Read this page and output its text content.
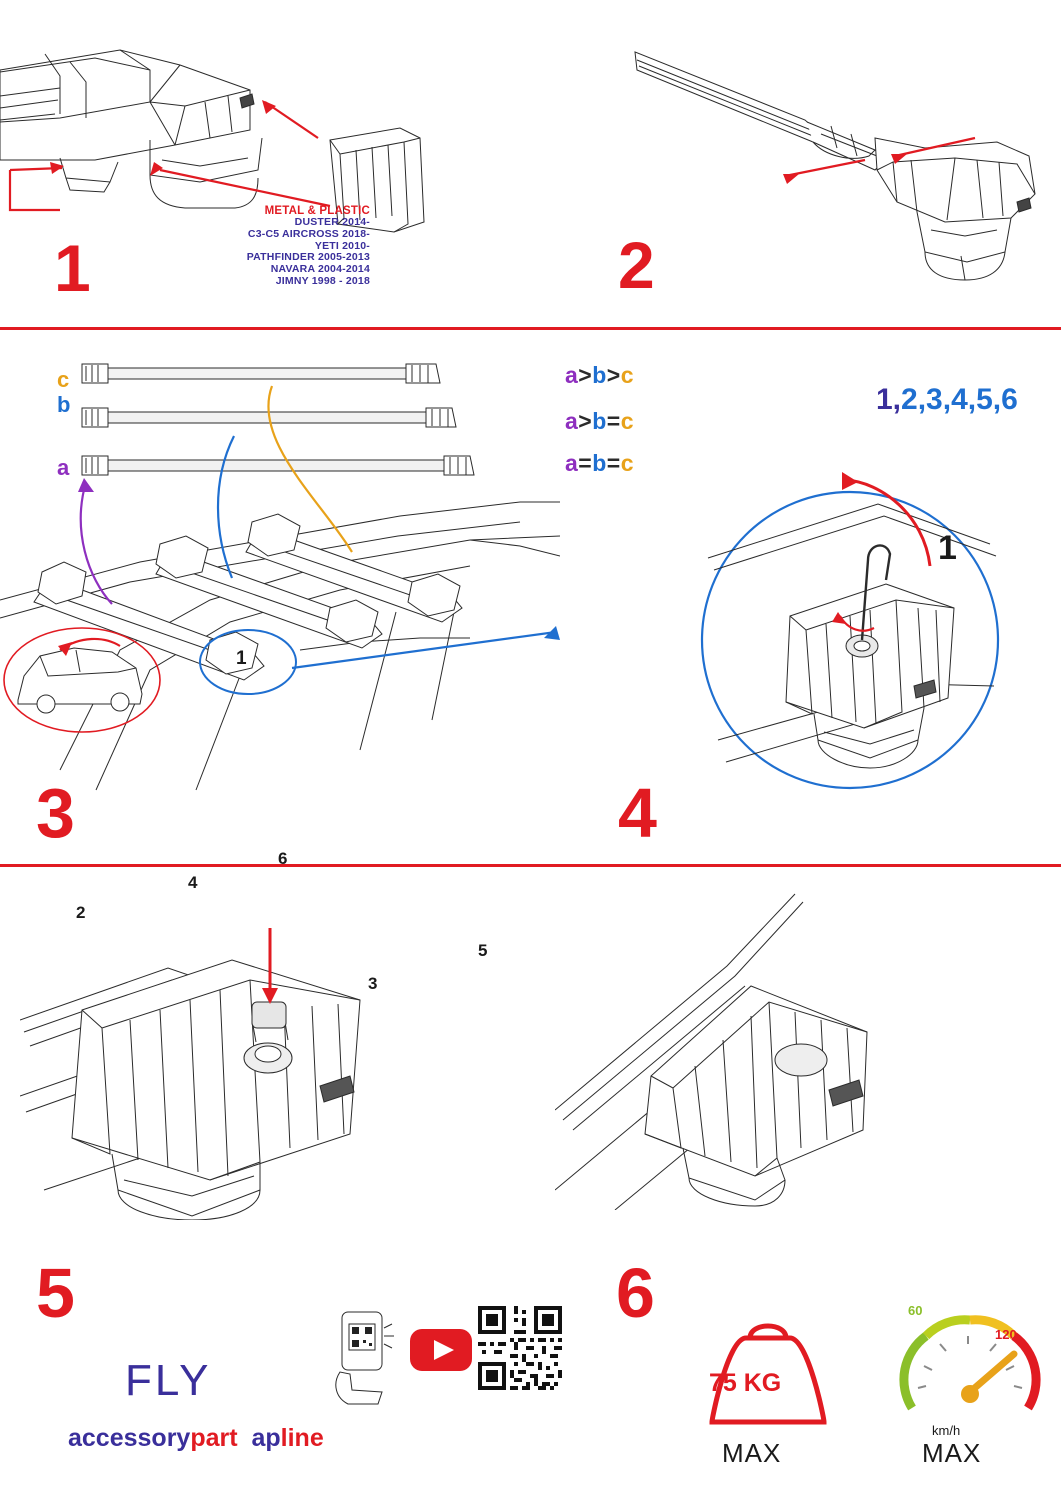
METAL & PLASTIC
DUSTER 2014-
C3-C5 AIRCROSS 2018-
YETI 2010-
PATHFINDER 2005-2013
NAVARA 2004-2014
JIMNY 1998 - 2018
1	2
c
b
a
2
4
6
3
5
1
a>b>c
a>b=c
a=b=c
3
1,2,3,4,5,6
1
4
FLY
accessorypart apline
5
75 KG
MAX
60
120
km/h
MAX
6
